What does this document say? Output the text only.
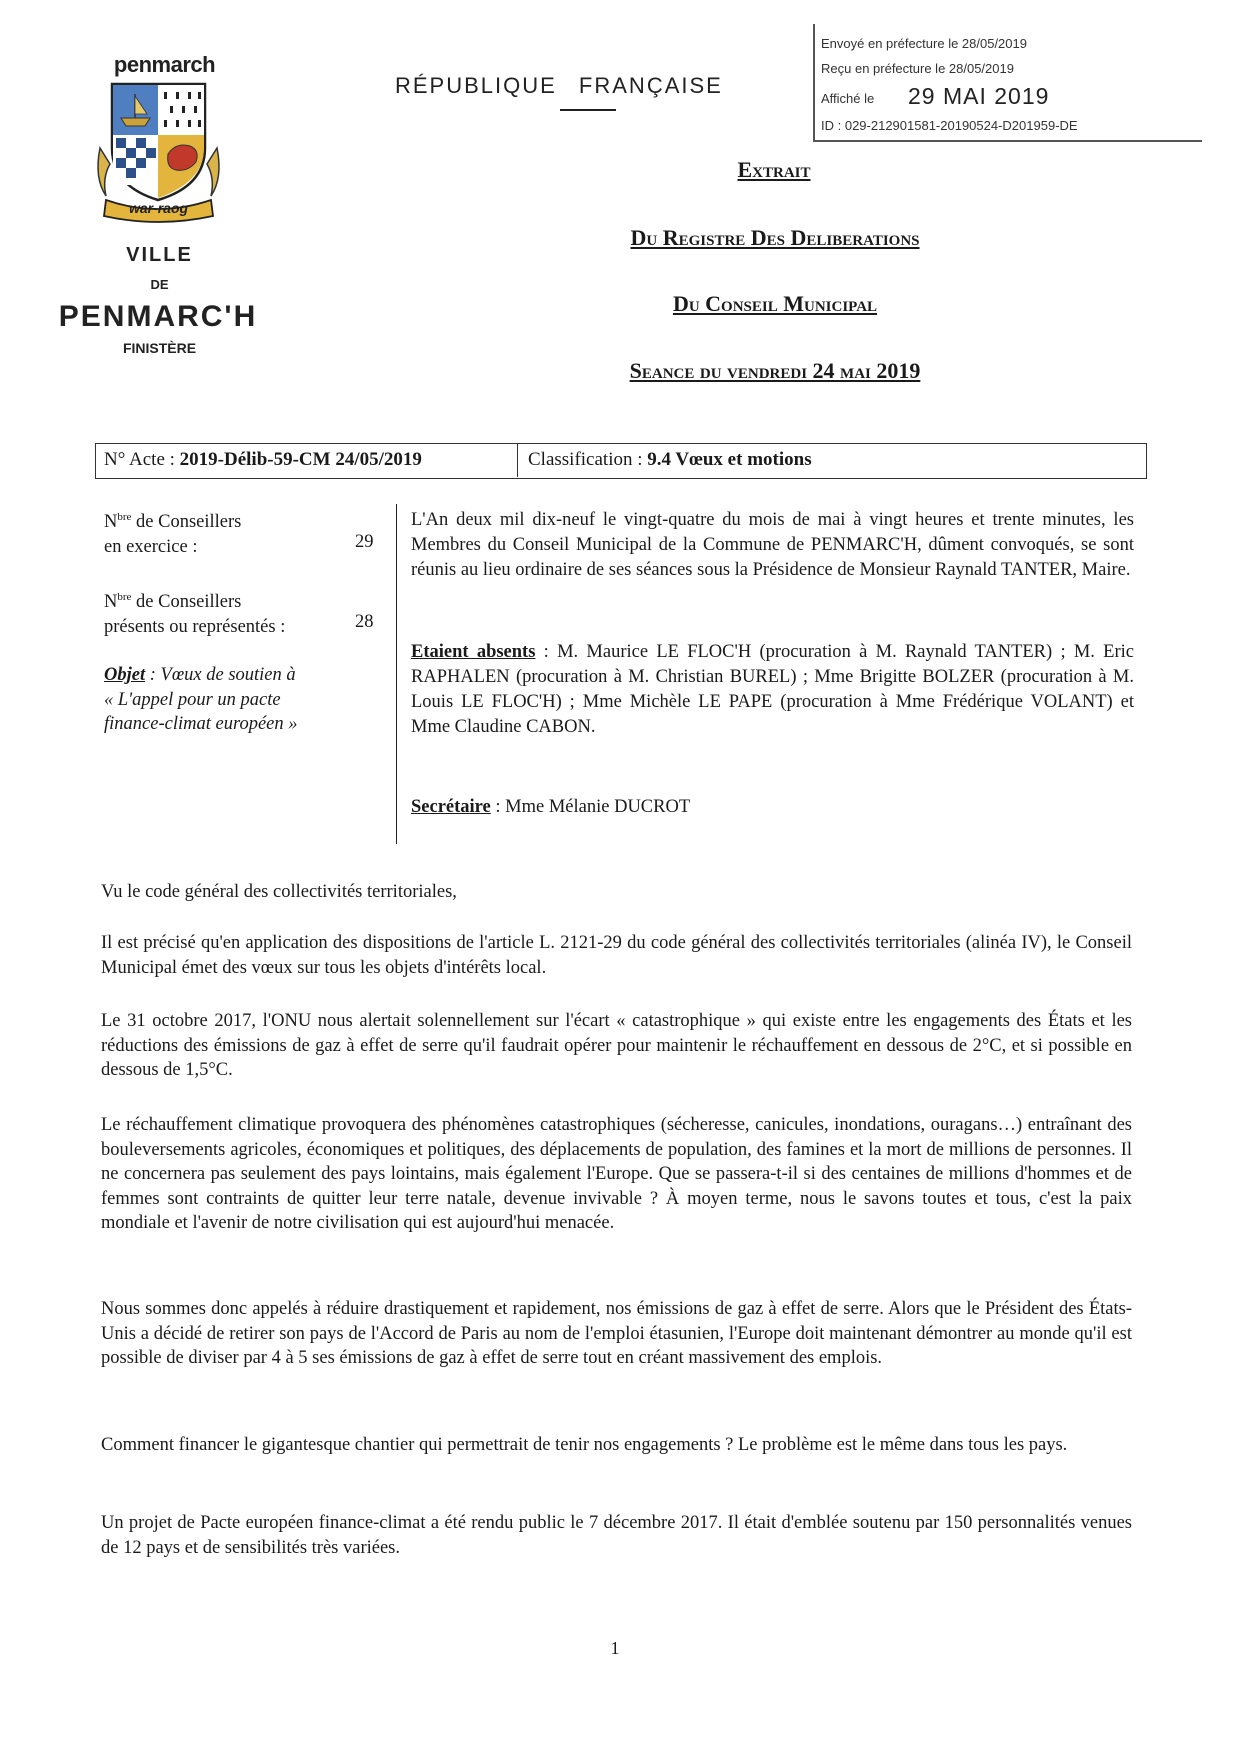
penmarch
war-raog
VILLE
DE
PENMARC'H
FINISTÈRE
RÉPUBLIQUE FRANÇAISE
Envoyé en préfecture le 28/05/2019
Reçu en préfecture le 28/05/2019
Affiché le 29 MAI 2019
ID : 029-212901581-20190524-D201959-DE
Extrait
Du Registre Des Deliberations
Du Conseil Municipal
Seance du vendredi 24 mai 2019
N° Acte : 2019-Délib-59-CM 24/05/2019	Classification : 9.4 Vœux et motions
$N^{bre}$ de Conseillers
en exercice :	29
$N^{bre}$ de Conseillers
présents ou représentés :	28
Objet : Vœux de soutien à
« L'appel pour un pacte
finance-climat européen »
L'An deux mil dix-neuf le vingt-quatre du mois de mai à vingt heures et trente minutes, les Membres du Conseil Municipal de la Commune de PENMARC'H, dûment convoqués, se sont réunis au lieu ordinaire de ses séances sous la Présidence de Monsieur Raynald TANTER, Maire.
Etaient absents : M. Maurice LE FLOC'H (procuration à M. Raynald TANTER) ; M. Eric RAPHALEN (procuration à M. Christian BUREL) ; Mme Brigitte BOLZER (procuration à M. Louis LE FLOC'H) ; Mme Michèle LE PAPE (procuration à Mme Frédérique VOLANT) et Mme Claudine CABON.
Secrétaire : Mme Mélanie DUCROT
Vu le code général des collectivités territoriales,
Il est précisé qu'en application des dispositions de l'article L. 2121-29 du code général des collectivités territoriales (alinéa IV), le Conseil Municipal émet des vœux sur tous les objets d'intérêts local.
Le 31 octobre 2017, l'ONU nous alertait solennellement sur l'écart « catastrophique » qui existe entre les engagements des États et les réductions des émissions de gaz à effet de serre qu'il faudrait opérer pour maintenir le réchauffement en dessous de 2°C, et si possible en dessous de 1,5°C.
Le réchauffement climatique provoquera des phénomènes catastrophiques (sécheresse, canicules, inondations, ouragans…) entraînant des bouleversements agricoles, économiques et politiques, des déplacements de population, des famines et la mort de millions de personnes. Il ne concernera pas seulement des pays lointains, mais également l'Europe. Que se passera-t-il si des centaines de millions d'hommes et de femmes sont contraints de quitter leur terre natale, devenue invivable ? À moyen terme, nous le savons toutes et tous, c'est la paix mondiale et l'avenir de notre civilisation qui est aujourd'hui menacée.
Nous sommes donc appelés à réduire drastiquement et rapidement, nos émissions de gaz à effet de serre. Alors que le Président des États-Unis a décidé de retirer son pays de l'Accord de Paris au nom de l'emploi étasunien, l'Europe doit maintenant démontrer au monde qu'il est possible de diviser par 4 à 5 ses émissions de gaz à effet de serre tout en créant massivement des emplois.
Comment financer le gigantesque chantier qui permettrait de tenir nos engagements ? Le problème est le même dans tous les pays.
Un projet de Pacte européen finance-climat a été rendu public le 7 décembre 2017. Il était d'emblée soutenu par 150 personnalités venues de 12 pays et de sensibilités très variées.
1
